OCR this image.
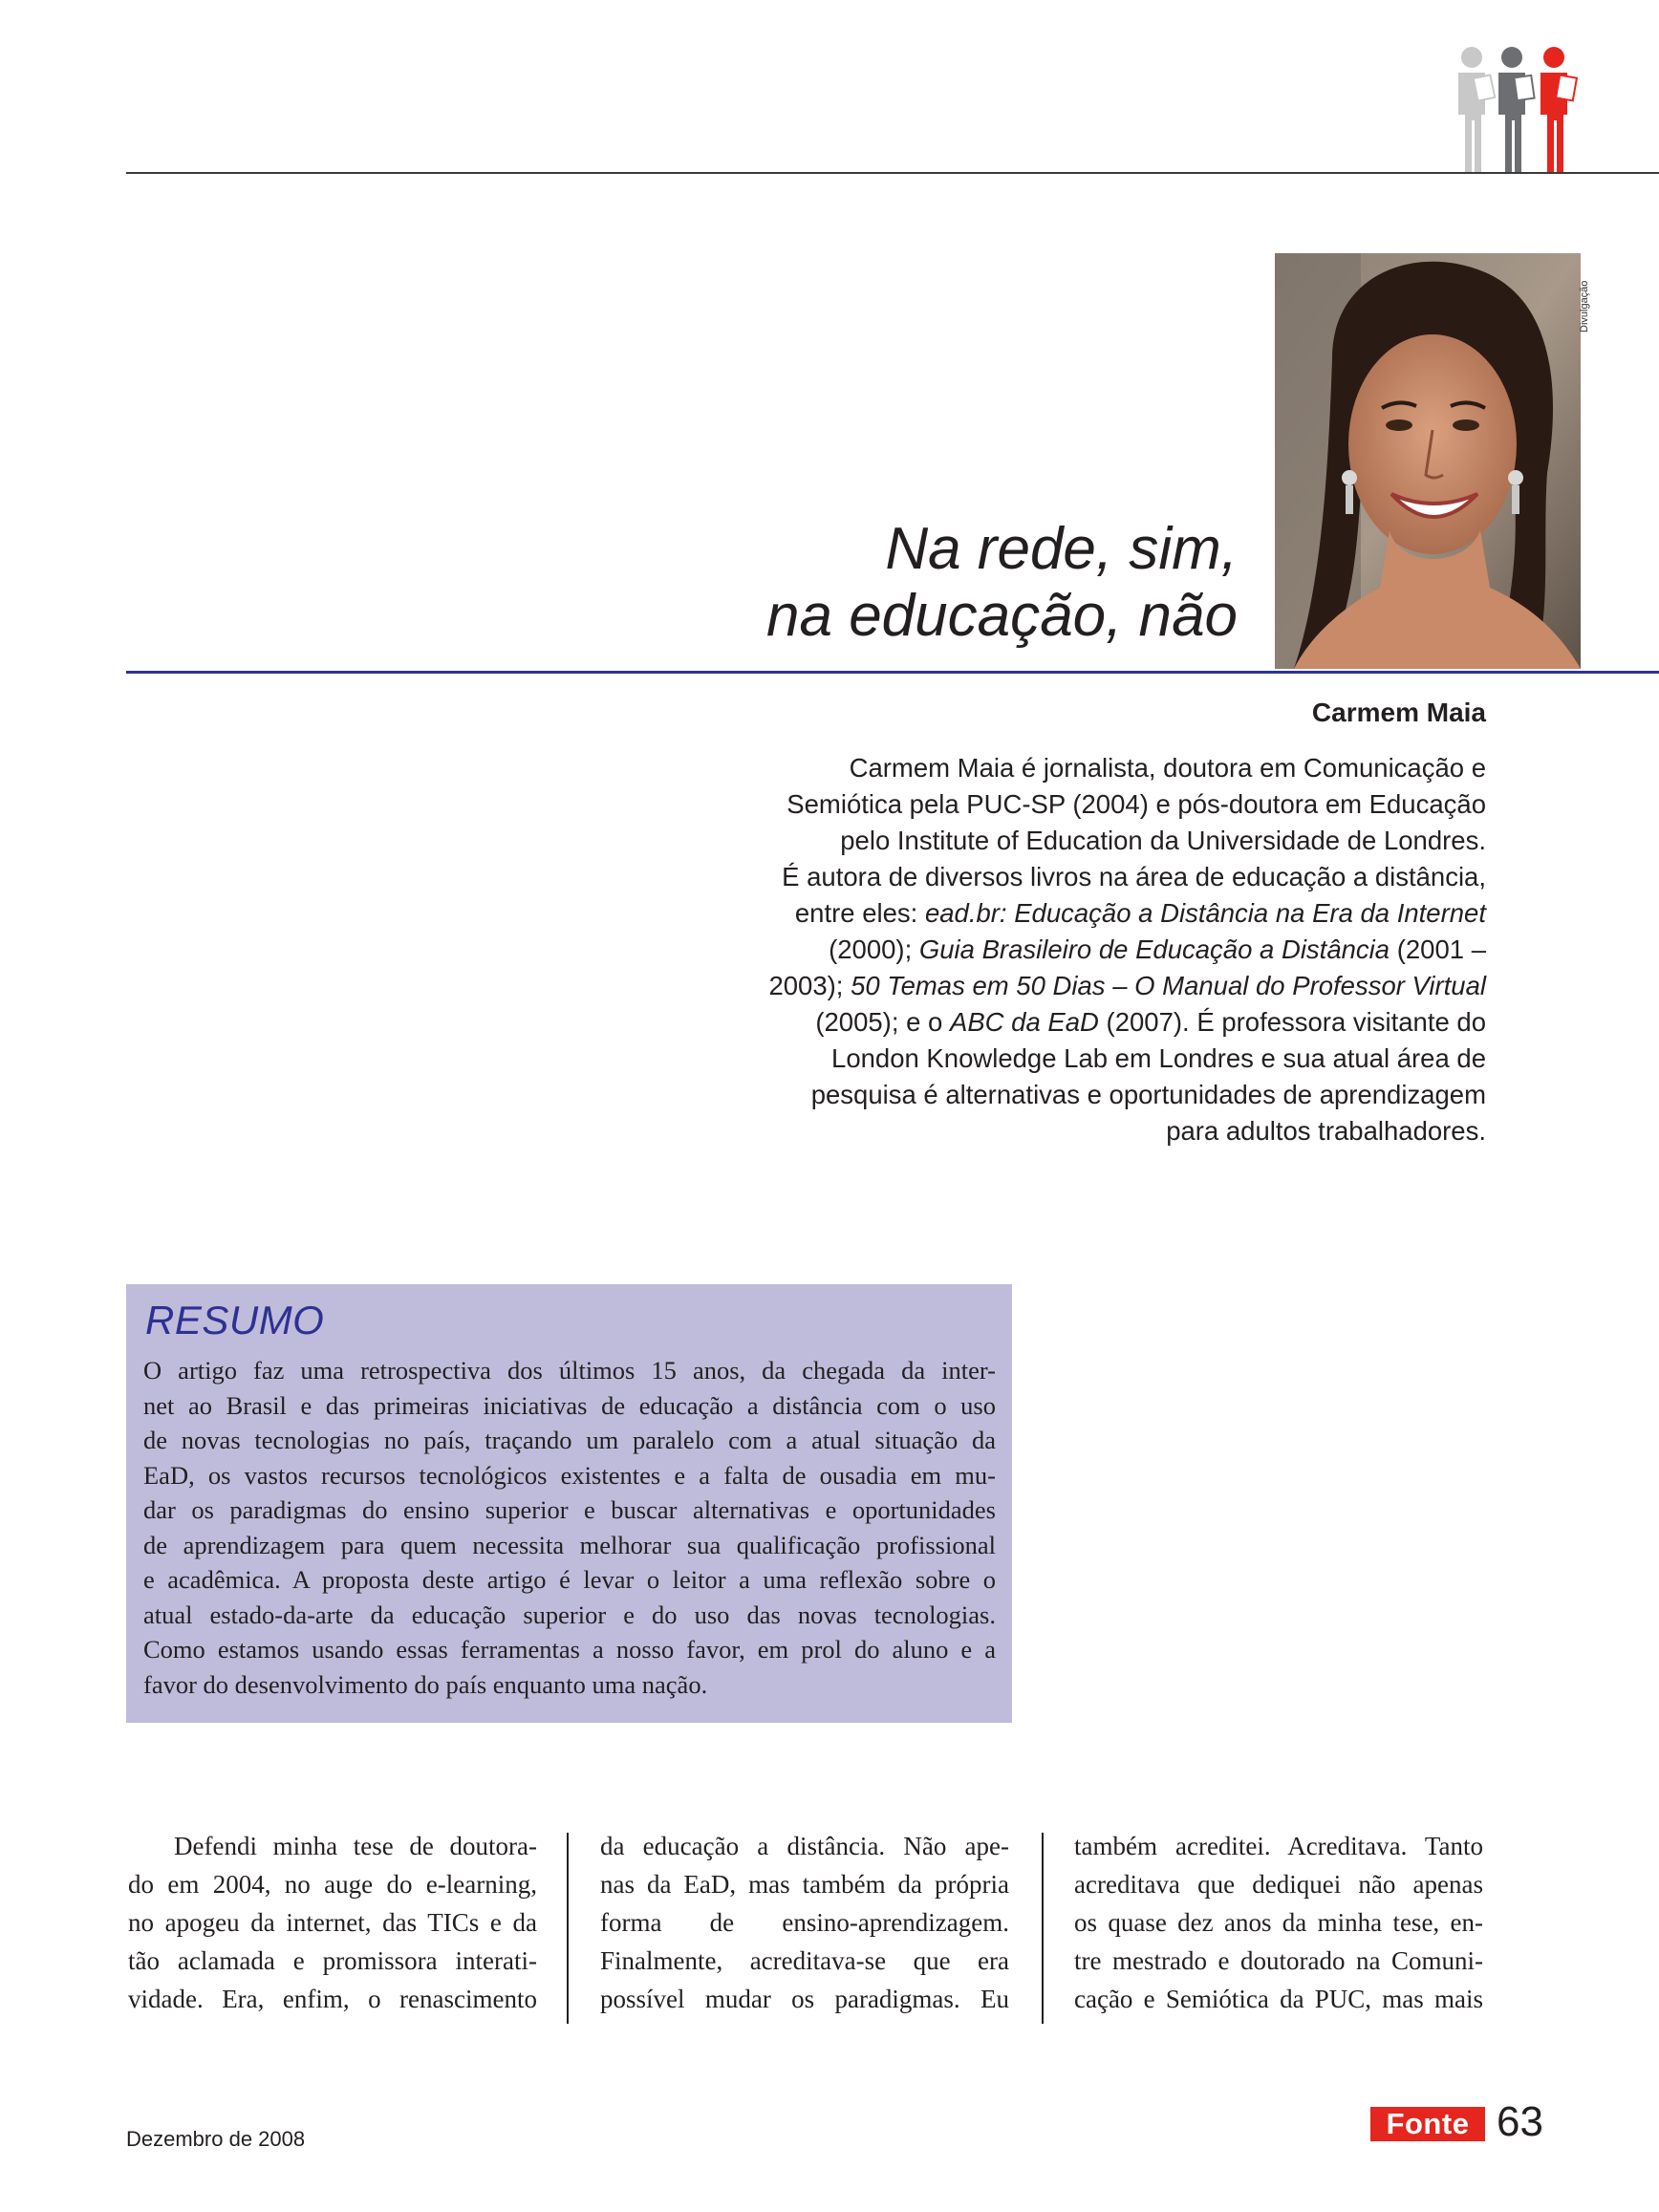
Divulgação
Na rede, sim,
na educação, não
Carmem Maia
Carmem Maia é jornalista, doutora em Comunicação e
Semiótica pela PUC-SP (2004) e pós-doutora em Educação
pelo Institute of Education da Universidade de Londres.
É autora de diversos livros na área de educação a distância,
entre eles: ead.br: Educação a Distância na Era da Internet
(2000); Guia Brasileiro de Educação a Distância (2001 –
2003); 50 Temas em 50 Dias – O Manual do Professor Virtual
(2005); e o ABC da EaD (2007). É professora visitante do
London Knowledge Lab em Londres e sua atual área de
pesquisa é alternativas e oportunidades de aprendizagem
para adultos trabalhadores.
RESUMO
O artigo faz uma retrospectiva dos últimos 15 anos, da chegada da inter-
net ao Brasil e das primeiras iniciativas de educação a distância com o uso
de novas tecnologias no país, traçando um paralelo com a atual situação da
EaD, os vastos recursos tecnológicos existentes e a falta de ousadia em mu-
dar os paradigmas do ensino superior e buscar alternativas e oportunidades
de aprendizagem para quem necessita melhorar sua qualificação profissional
e acadêmica. A proposta deste artigo é levar o leitor a uma reflexão sobre o
atual estado-da-arte da educação superior e do uso das novas tecnologias.
Como estamos usando essas ferramentas a nosso favor, em prol do aluno e a
favor do desenvolvimento do país enquanto uma nação.
Defendi minha tese de doutora-
do em 2004, no auge do e-learning,
no apogeu da internet, das TICs e da
tão aclamada e promissora interati-
vidade. Era, enfim, o renascimento
da educação a distância. Não ape-
nas da EaD, mas também da própria
forma de ensino-aprendizagem.
Finalmente, acreditava-se que era
possível mudar os paradigmas. Eu
também acreditei. Acreditava. Tanto
acreditava que dediquei não apenas
os quase dez anos da minha tese, en-
tre mestrado e doutorado na Comuni-
cação e Semiótica da PUC, mas mais
Dezembro de 2008	Fonte 63
